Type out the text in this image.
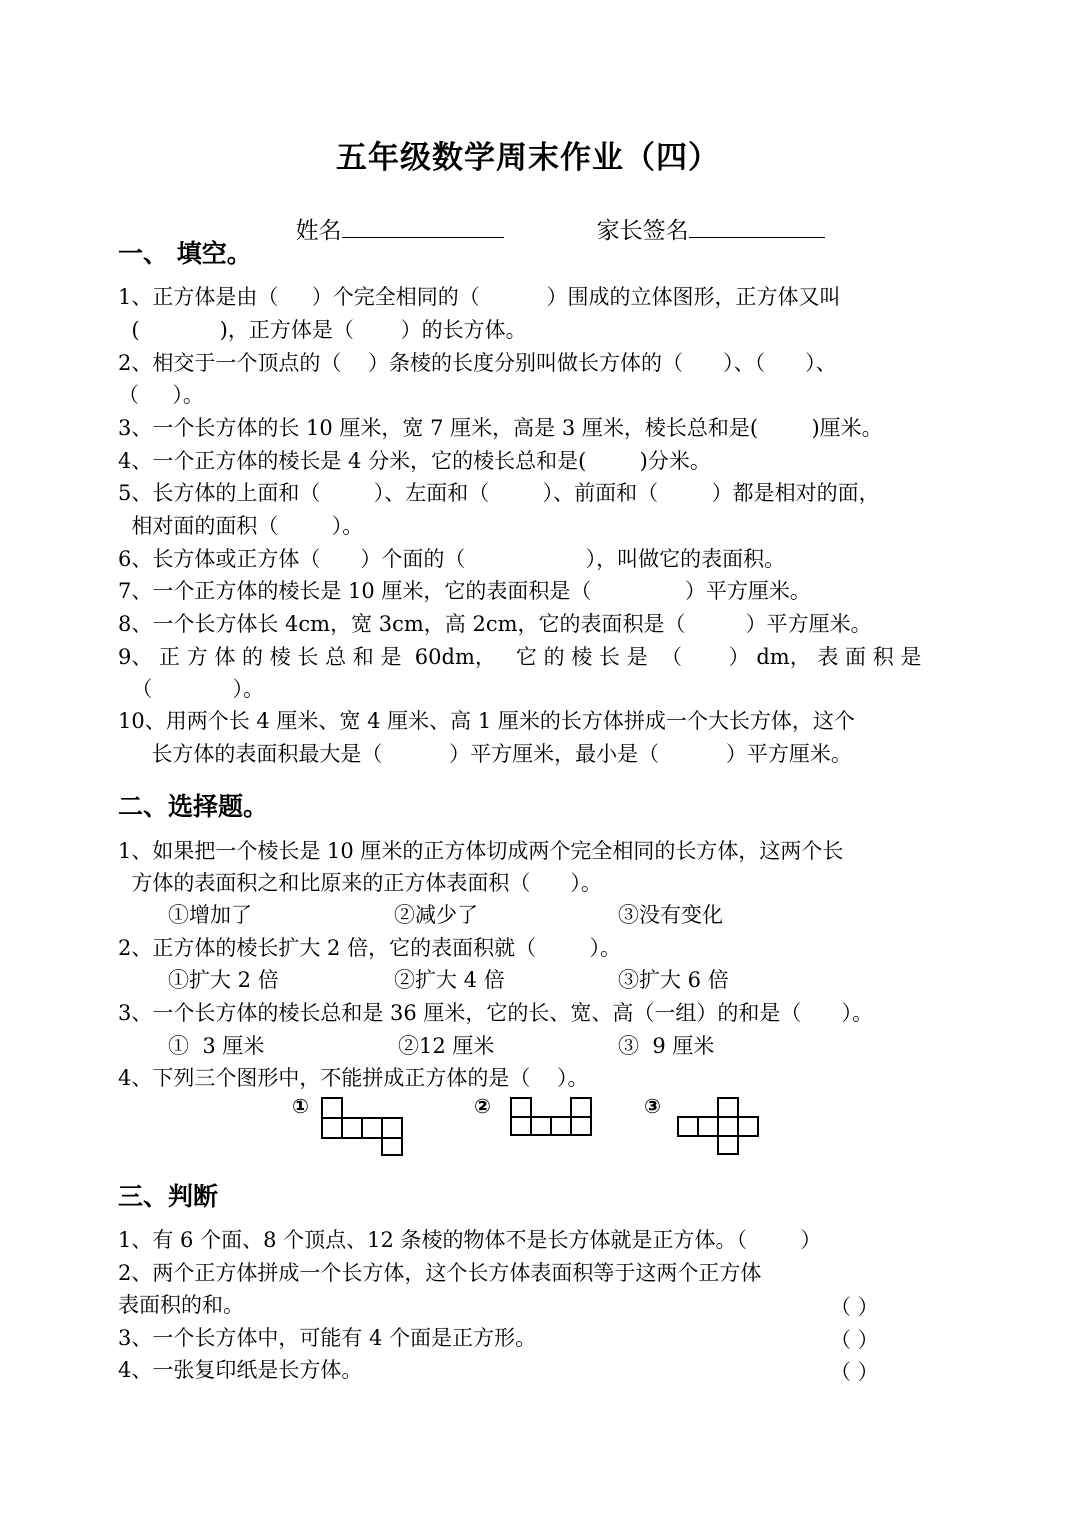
五年级数学周末作业（四）

姓名	家长签名

一、 填空。
1、正方体是由（     ）个完全相同的（          ）围成的立体图形，正方体又叫
(            )，正方体是（       ）的长方体。
2、相交于一个顶点的（    ）条棱的长度分别叫做长方体的（      ）、（      ）、
（     ）。
3、一个长方体的长 10 厘米，宽 7 厘米，高是 3 厘米，棱长总和是(        )厘米。
4、一个正方体的棱长是 4 分米，它的棱长总和是(        )分米。
5、长方体的上面和（        ）、左面和（        ）、前面和（        ）都是相对的面，
相对面的面积（        ）。
6、长方体或正方体（      ）个面的（                  ），叫做它的表面积。
7、一个正方体的棱长是 10 厘米，它的表面积是（              ）平方厘米。
8、一个长方体长 4cm，宽 3cm，高 2cm，它的表面积是（         ）平方厘米。
9、 正 方 体 的 棱 长 总 和 是  60dm，   它 的 棱 长 是  （       ） dm， 表 面 积 是
（            ）。
10、用两个长 4 厘米、宽 4 厘米、高 1 厘米的长方体拼成一个大长方体，这个
长方体的表面积最大是（          ）平方厘米，最小是（          ）平方厘米。
二、选择题。
1、如果把一个棱长是 10 厘米的正方体切成两个完全相同的长方体，这两个长
方体的表面积之和比原来的正方体表面积（      ）。
①增加了	②减少了	③没有变化
2、正方体的棱长扩大 2 倍，它的表面积就（        ）。
①扩大 2 倍	②扩大 4 倍	③扩大 6 倍
3、一个长方体的棱长总和是 36 厘米，它的长、宽、高（一组）的和是（      ）。
①  3 厘米	②12 厘米	③  9 厘米
4、下列三个图形中，不能拼成正方体的是（    ）。
①	②	③
三、判断
1、有 6 个面、8 个顶点、12 条棱的物体不是长方体就是正方体。（        ）
2、两个正方体拼成一个长方体，这个长方体表面积等于这两个正方体
表面积的和。	（ ）
3、一个长方体中，可能有 4 个面是正方形。	（ ）
4、一张复印纸是长方体。	（ ）
